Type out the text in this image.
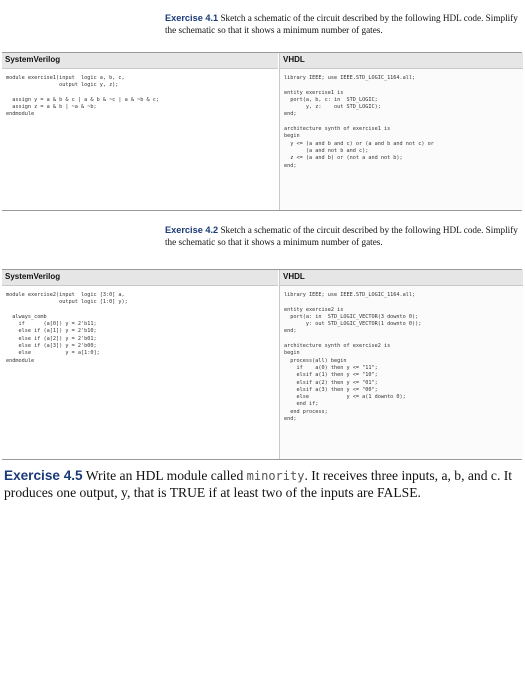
Exercise 4.1 Sketch a schematic of the circuit described by the following HDL code. Simplify the schematic so that it shows a minimum number of gates.
SystemVerilog	VHDL
module exercise1(input  logic a, b, c,
output logic y, z);

assign y = a & b & c | a & b & ~c | a & ~b & c;
assign z = a & b | ~a & ~b;
endmodule
library IEEE; use IEEE.STD_LOGIC_1164.all;

entity exercise1 is
port(a, b, c: in  STD_LOGIC;
y, z:    out STD_LOGIC);
end;

architecture synth of exercise1 is
begin
y <= (a and b and c) or (a and b and not c) or
(a and not b and c);
z <= (a and b) or (not a and not b);
end;
Exercise 4.2 Sketch a schematic of the circuit described by the following HDL code. Simplify the schematic so that it shows a minimum number of gates.
SystemVerilog	VHDL
module exercise2(input  logic [3:0] a,
output logic [1:0] y);

always_comb
if      (a[0]) y = 2'b11;
else if (a[1]) y = 2'b10;
else if (a[2]) y = 2'b01;
else if (a[3]) y = 2'b00;
else           y = a[1:0];
endmodule
library IEEE; use IEEE.STD_LOGIC_1164.all;

entity exercise2 is
port(a: in  STD_LOGIC_VECTOR(3 downto 0);
y: out STD_LOGIC_VECTOR(1 downto 0));
end;

architecture synth of exercise2 is
begin
process(all) begin
if    a(0) then y <= "11";
elsif a(1) then y <= "10";
elsif a(2) then y <= "01";
elsif a(3) then y <= "00";
else            y <= a(1 downto 0);
end if;
end process;
end;
Exercise 4.5 Write an HDL module called minority. It receives three inputs, a, b, and c. It produces one output, y, that is TRUE if at least two of the inputs are FALSE.
